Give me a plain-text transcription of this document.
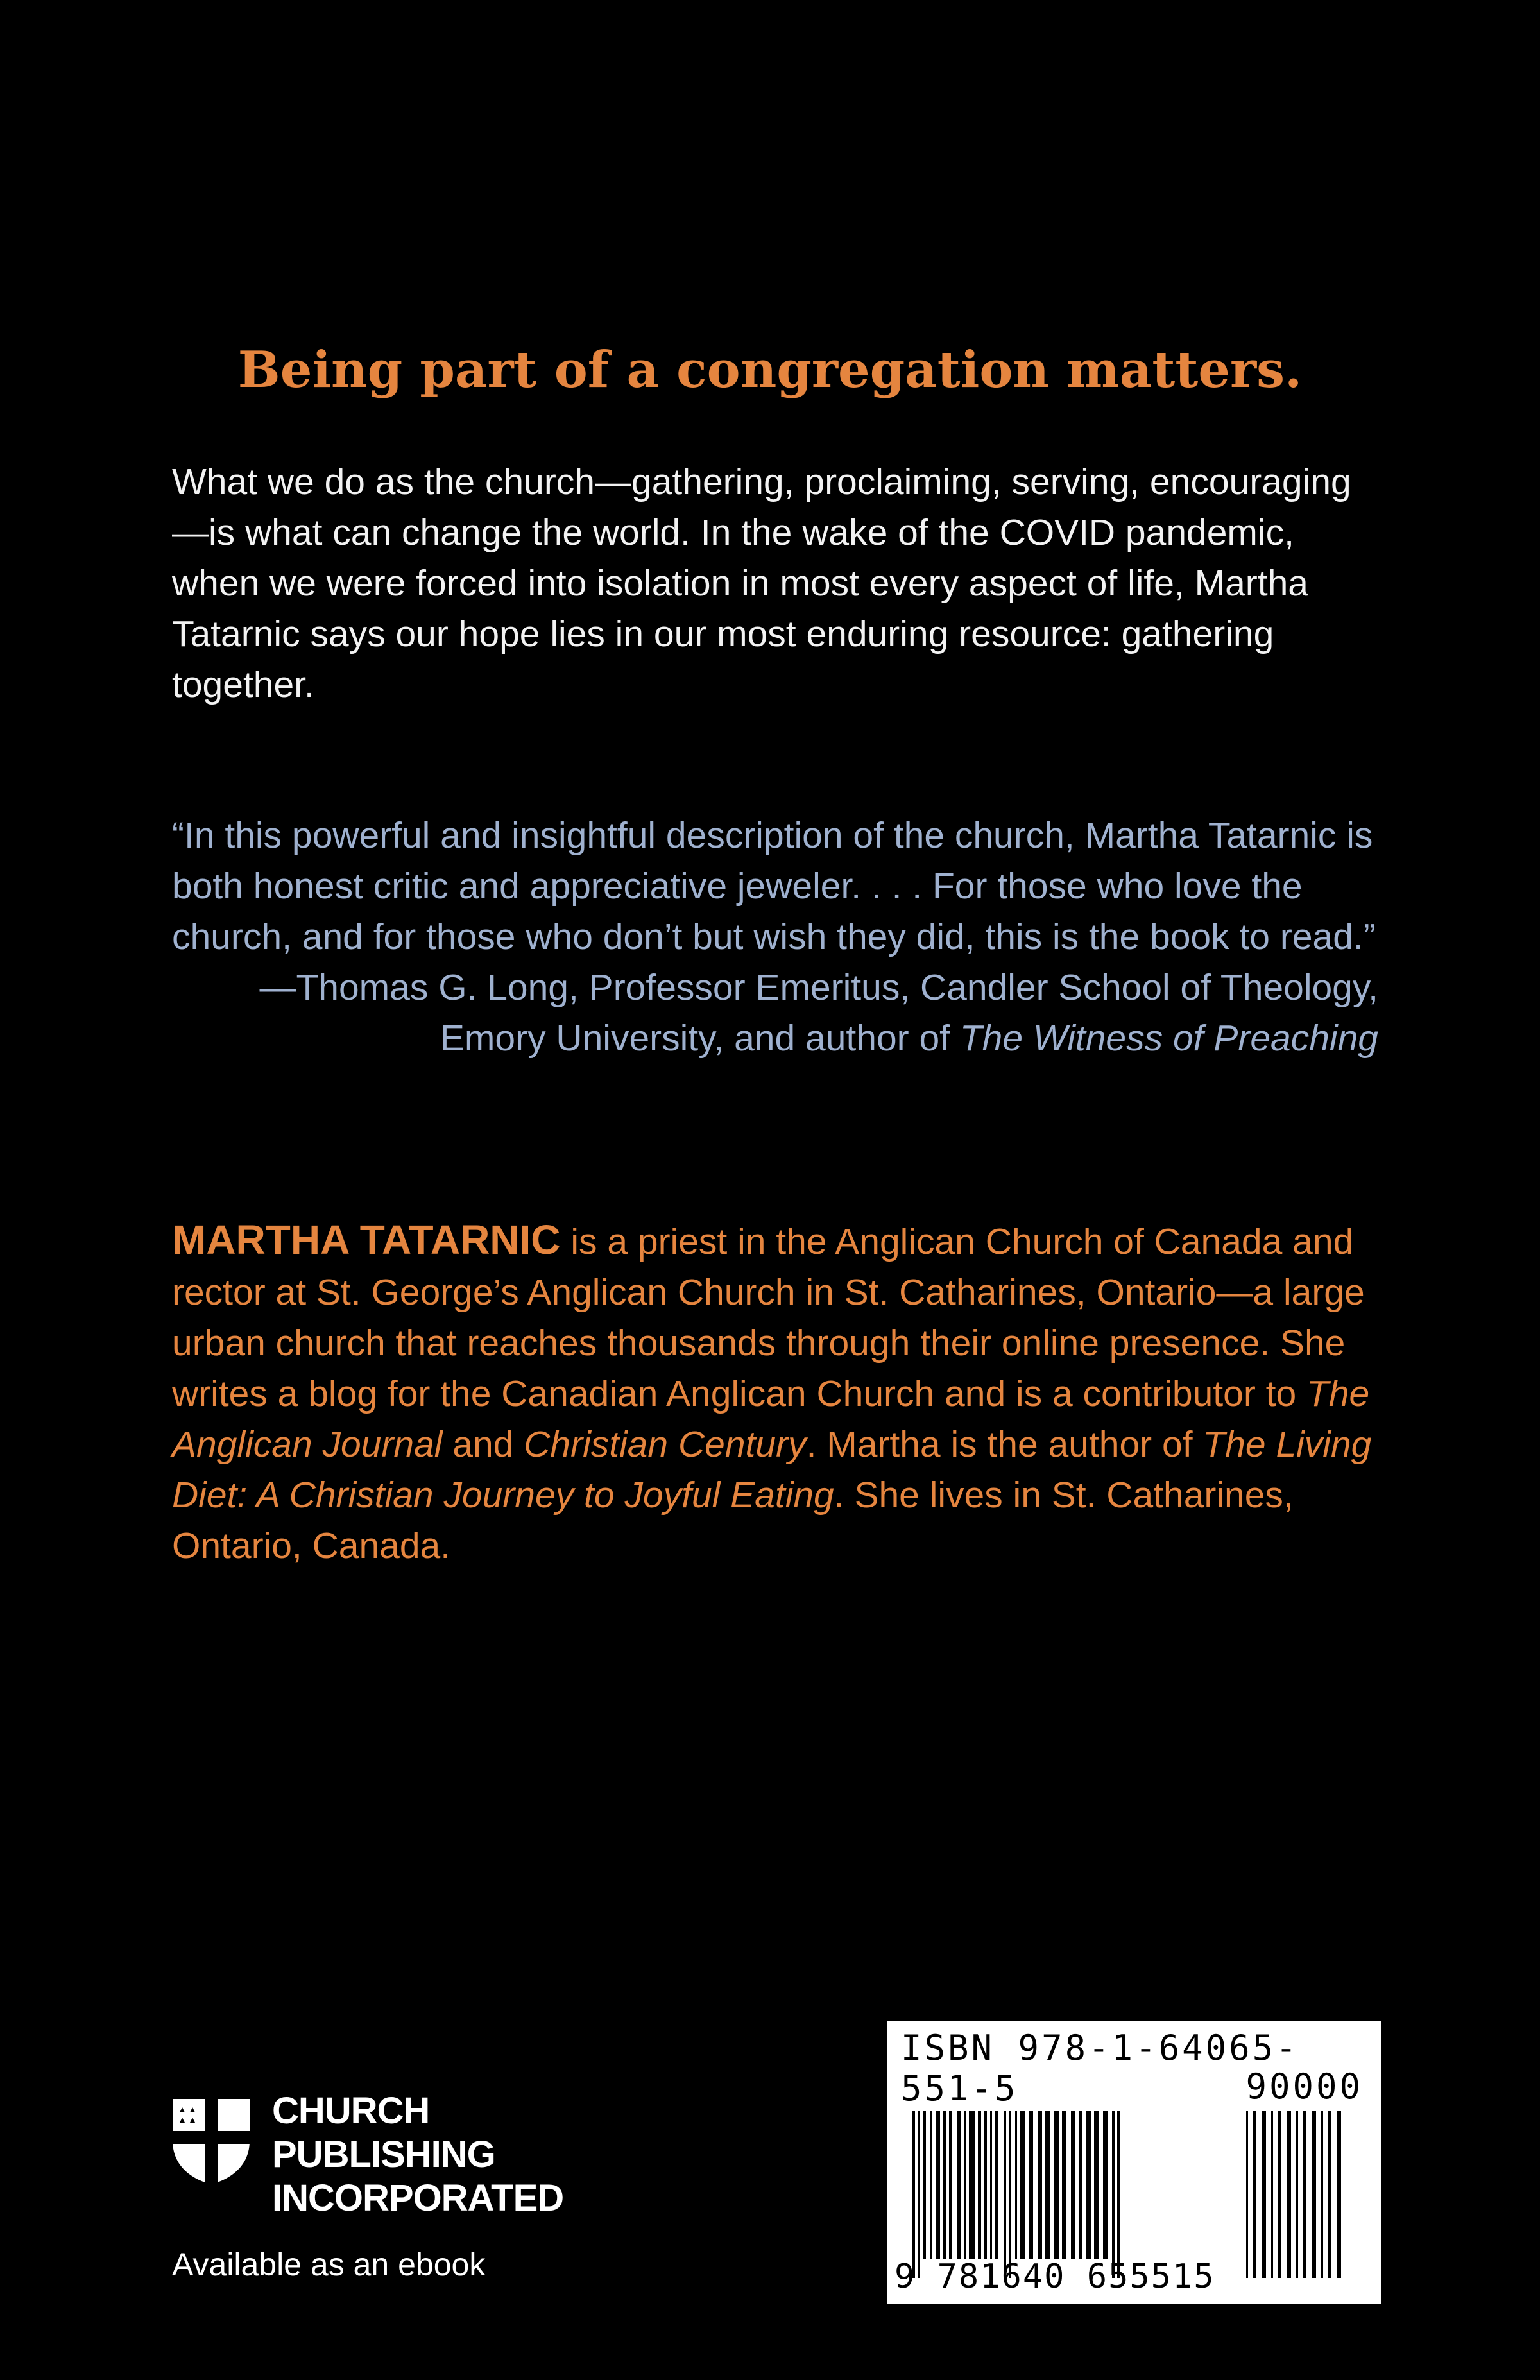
Being part of a congregation matters.
What we do as the church—gathering, proclaiming, serving, encouraging—is what can change the world. In the wake of the COVID pandemic, when we were forced into isolation in most every aspect of life, Martha Tatarnic says our hope lies in our most enduring resource: gathering together.
“In this powerful and insightful description of the church, Martha Tatarnic is both honest critic and appreciative jeweler. . . . For those who love the church, and for those who don’t but wish they did, this is the book to read.”
—Thomas G. Long, Professor Emeritus, Candler School of Theology,
Emory University, and author of The Witness of Preaching
MARTHA TATARNIC is a priest in the Anglican Church of Canada and rector at St. George’s Anglican Church in St. Catharines, Ontario—a large urban church that reaches thousands through their online presence. She writes a blog for the Canadian Anglican Church and is a contributor to The Anglican Journal and Christian Century. Martha is the author of The Living Diet: A Christian Journey to Joyful Eating. She lives in St. Catharines, Ontario, Canada.
CHURCH
PUBLISHING
INCORPORATED
Available as an ebook
ISBN 978-1-64065-551-5	90000
9 781640 655515
